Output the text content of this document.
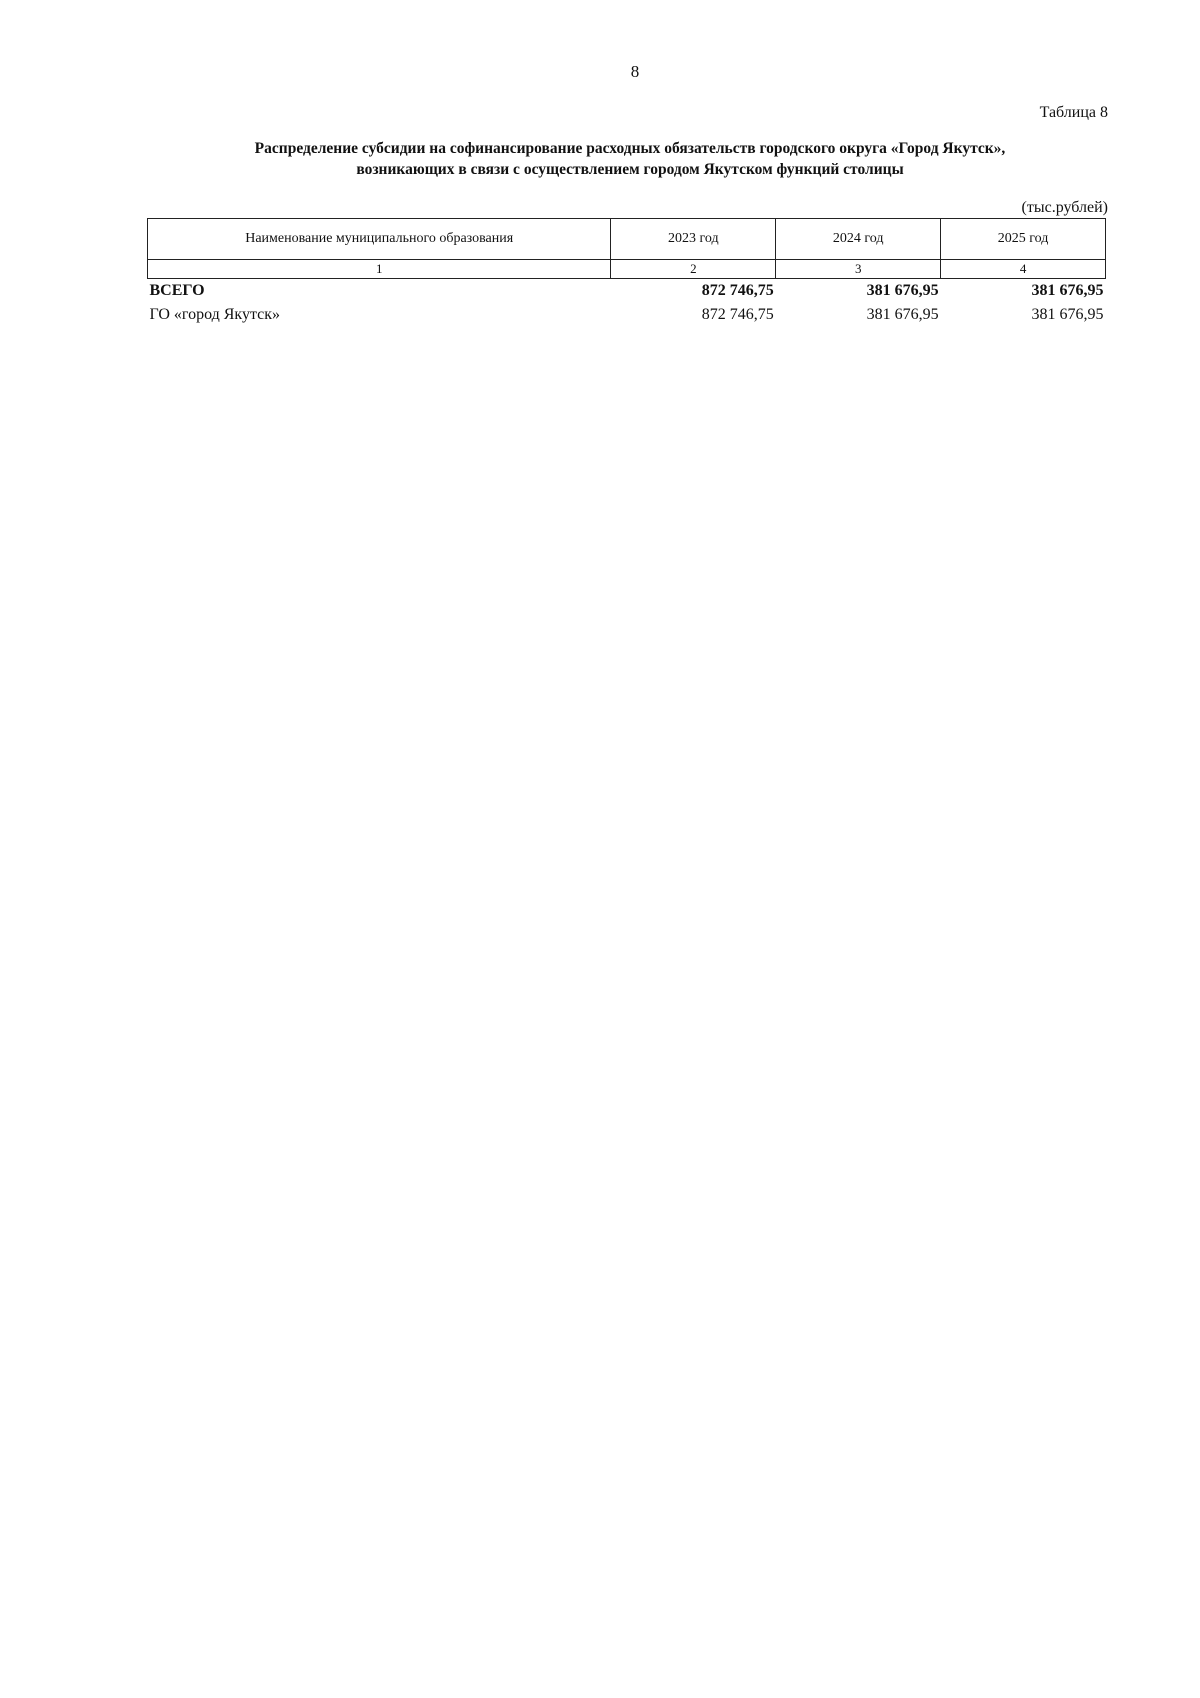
8
Таблица 8
Распределение субсидии на софинансирование расходных обязательств городского округа «Город Якутск»,
возникающих в связи с осуществлением городом Якутском функций столицы
(тыс.рублей)
Наименование муниципального образования	2023 год	2024 год	2025 год
1	2	3	4
ВСЕГО	872 746,75	381 676,95	381 676,95
ГО «город Якутск»	872 746,75	381 676,95	381 676,95
